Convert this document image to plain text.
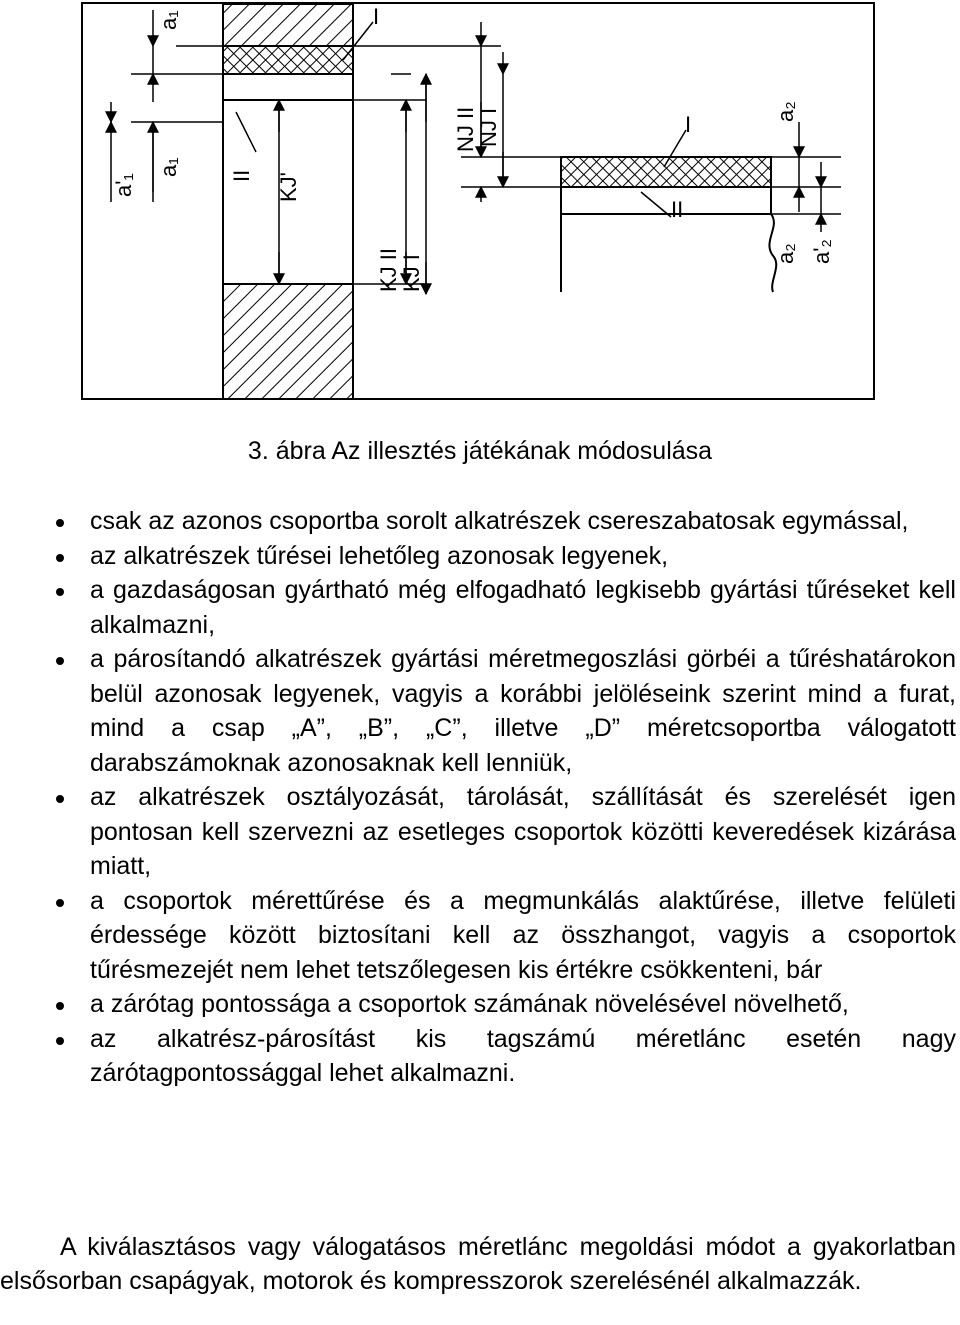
a₁
a'₁
a₁
I
II KJ'
KJ II
KJ I
NJ II
NJ I	I
II
a₂
a₂ a'₂
3. ábra Az illesztés játékának módosulása
csak az azonos csoportba sorolt alkatrészek csereszabatosak egymással,
az alkatrészek tűrései lehetőleg azonosak legyenek,
a gazdaságosan gyártható még elfogadható legkisebb gyártási tűréseket kell alkalmazni,
a párosítandó alkatrészek gyártási méretmegoszlási görbéi a tűréshatárokon belül azonosak legyenek, vagyis a korábbi jelöléseink szerint mind a furat, mind a csap „A”, „B”, „C”, illetve „D” méretcsoportba válogatott darabszámoknak azonosaknak kell lenniük,
az alkatrészek osztályozását, tárolását, szállítását és szerelését igen pontosan kell szervezni az esetleges csoportok közötti keveredések kizárása miatt,
a csoportok mérettűrése és a megmunkálás alaktűrése, illetve felületi érdessége között biztosítani kell az összhangot, vagyis a csoportok tűrésmezejét nem lehet tetszőlegesen kis értékre csökkenteni, bár
a zárótag pontossága a csoportok számának növelésével növelhető,
az alkatrész-párosítást kis tagszámú méretlánc esetén nagy zárótagpontossággal lehet alkalmazni.

A kiválasztásos vagy válogatásos méretlánc megoldási módot a gyakorlatban elsősorban csapágyak, motorok és kompresszorok szerelésénél alkalmazzák.
